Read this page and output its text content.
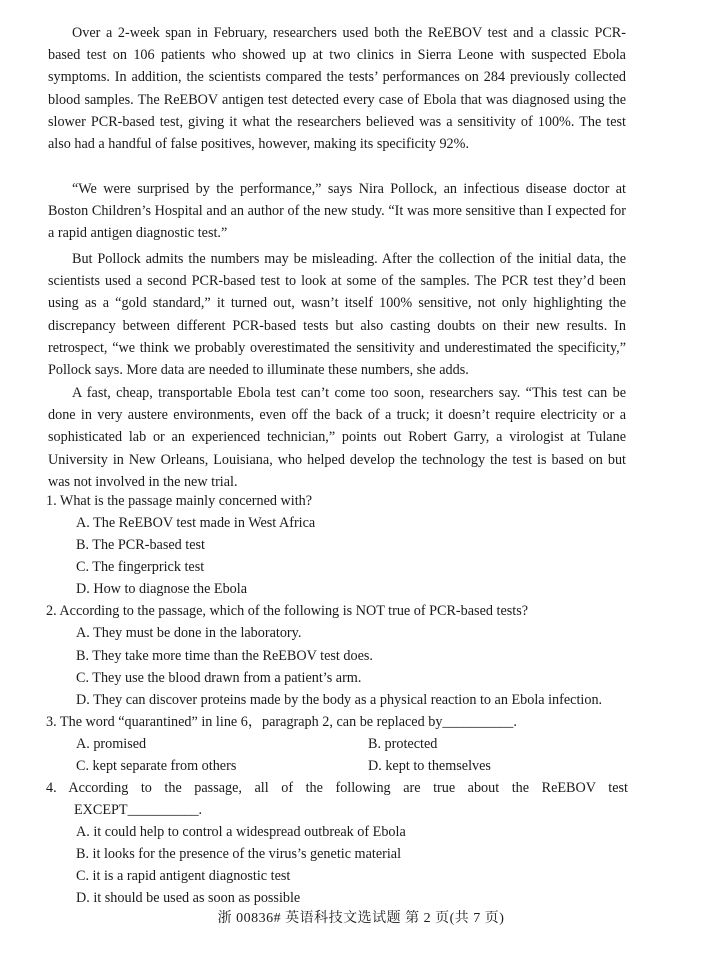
Over a 2-week span in February, researchers used both the ReEBOV test and a classic PCR-based test on 106 patients who showed up at two clinics in Sierra Leone with suspected Ebola symptoms. In addition, the scientists compared the tests’ performances on 284 previously collected blood samples. The ReEBOV antigen test detected every case of Ebola that was diagnosed using the slower PCR-based test, giving it what the researchers believed was a sensitivity of 100%. The test also had a handful of false positives, however, making its specificity 92%.

“We were surprised by the performance,” says Nira Pollock, an infectious disease doctor at Boston Children’s Hospital and an author of the new study. “It was more sensitive than I expected for a rapid antigen diagnostic test.”

But Pollock admits the numbers may be misleading. After the collection of the initial data, the scientists used a second PCR-based test to look at some of the samples. The PCR test they’d been using as a “gold standard,” it turned out, wasn’t itself 100% sensitive, not only highlighting the discrepancy between different PCR-based tests but also casting doubts on their new results. In retrospect, “we think we probably overestimated the sensitivity and underestimated the specificity,” Pollock says. More data are needed to illuminate these numbers, she adds.

A fast, cheap, transportable Ebola test can’t come too soon, researchers say. “This test can be done in very austere environments, even off the back of a truck; it doesn’t require electricity or a sophisticated lab or an experienced technician,” points out Robert Garry, a virologist at Tulane University in New Orleans, Louisiana, who helped develop the technology the test is based on but was not involved in the new trial.

1. What is the passage mainly concerned with?

A. The ReEBOV test made in West Africa

B. The PCR-based test

C. The fingerprick test

D. How to diagnose the Ebola

2. According to the passage, which of the following is NOT true of PCR-based tests?

A. They must be done in the laboratory.

B. They take more time than the ReEBOV test does.

C. They use the blood drawn from a patient’s arm.

D. They can discover proteins made by the body as a physical reaction to an Ebola infection.

3. The word “quarantined” in line 6，paragraph 2, can be replaced by__________.

A. promised	B. protected

C. kept separate from others	D. kept to themselves

4. According to the passage, all of the following are true about the ReEBOV test

EXCEPT__________.

A. it could help to control a widespread outbreak of Ebola

B. it looks for the presence of the virus’s genetic material

C. it is a rapid antigent diagnostic test

D. it should be used as soon as possible

浙 00836# 英语科技文选试题 第 2 页(共 7 页)
